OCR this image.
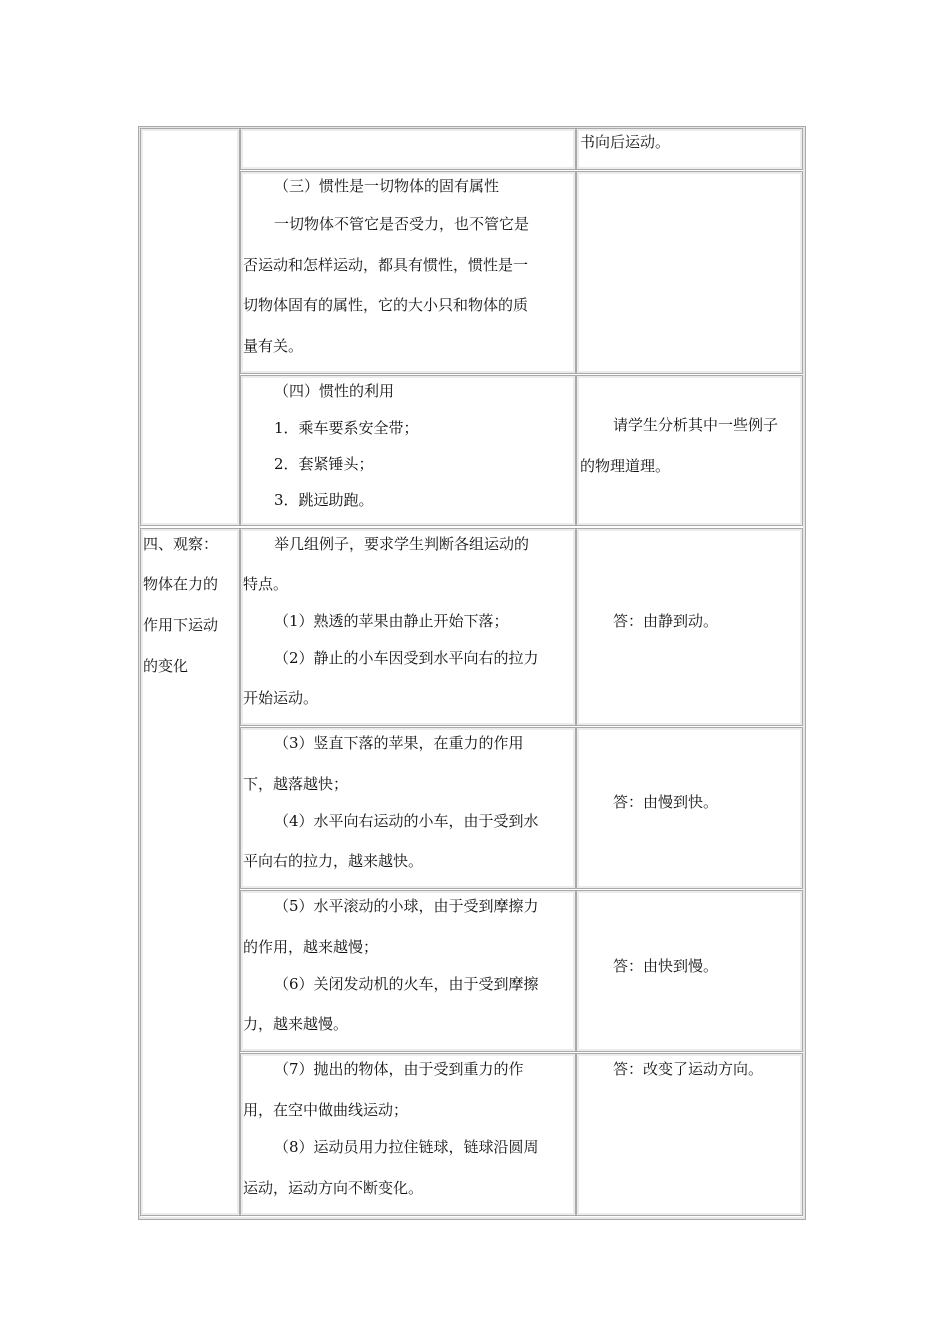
书向后运动。
（三）惯性是一切物体的固有属性
一切物体不管它是否受力，也不管它是
否运动和怎样运动，都具有惯性，惯性是一
切物体固有的属性，它的大小只和物体的质
量有关。
（四）惯性的利用
1．乘车要系安全带；
2．套紧锤头；
3．跳远助跑。
请学生分析其中一些例子
的物理道理。
四、观察：
物体在力的
作用下运动
的变化
举几组例子，要求学生判断各组运动的
特点。
（1）熟透的苹果由静止开始下落；
（2）静止的小车因受到水平向右的拉力
开始运动。
答：由静到动。
（3）竖直下落的苹果，在重力的作用
下，越落越快；
（4）水平向右运动的小车，由于受到水
平向右的拉力，越来越快。
答：由慢到快。
（5）水平滚动的小球，由于受到摩擦力
的作用，越来越慢；
（6）关闭发动机的火车，由于受到摩擦
力，越来越慢。
答：由快到慢。
（7）抛出的物体，由于受到重力的作
用，在空中做曲线运动；
（8）运动员用力拉住链球，链球沿圆周
运动，运动方向不断变化。
答：改变了运动方向。
